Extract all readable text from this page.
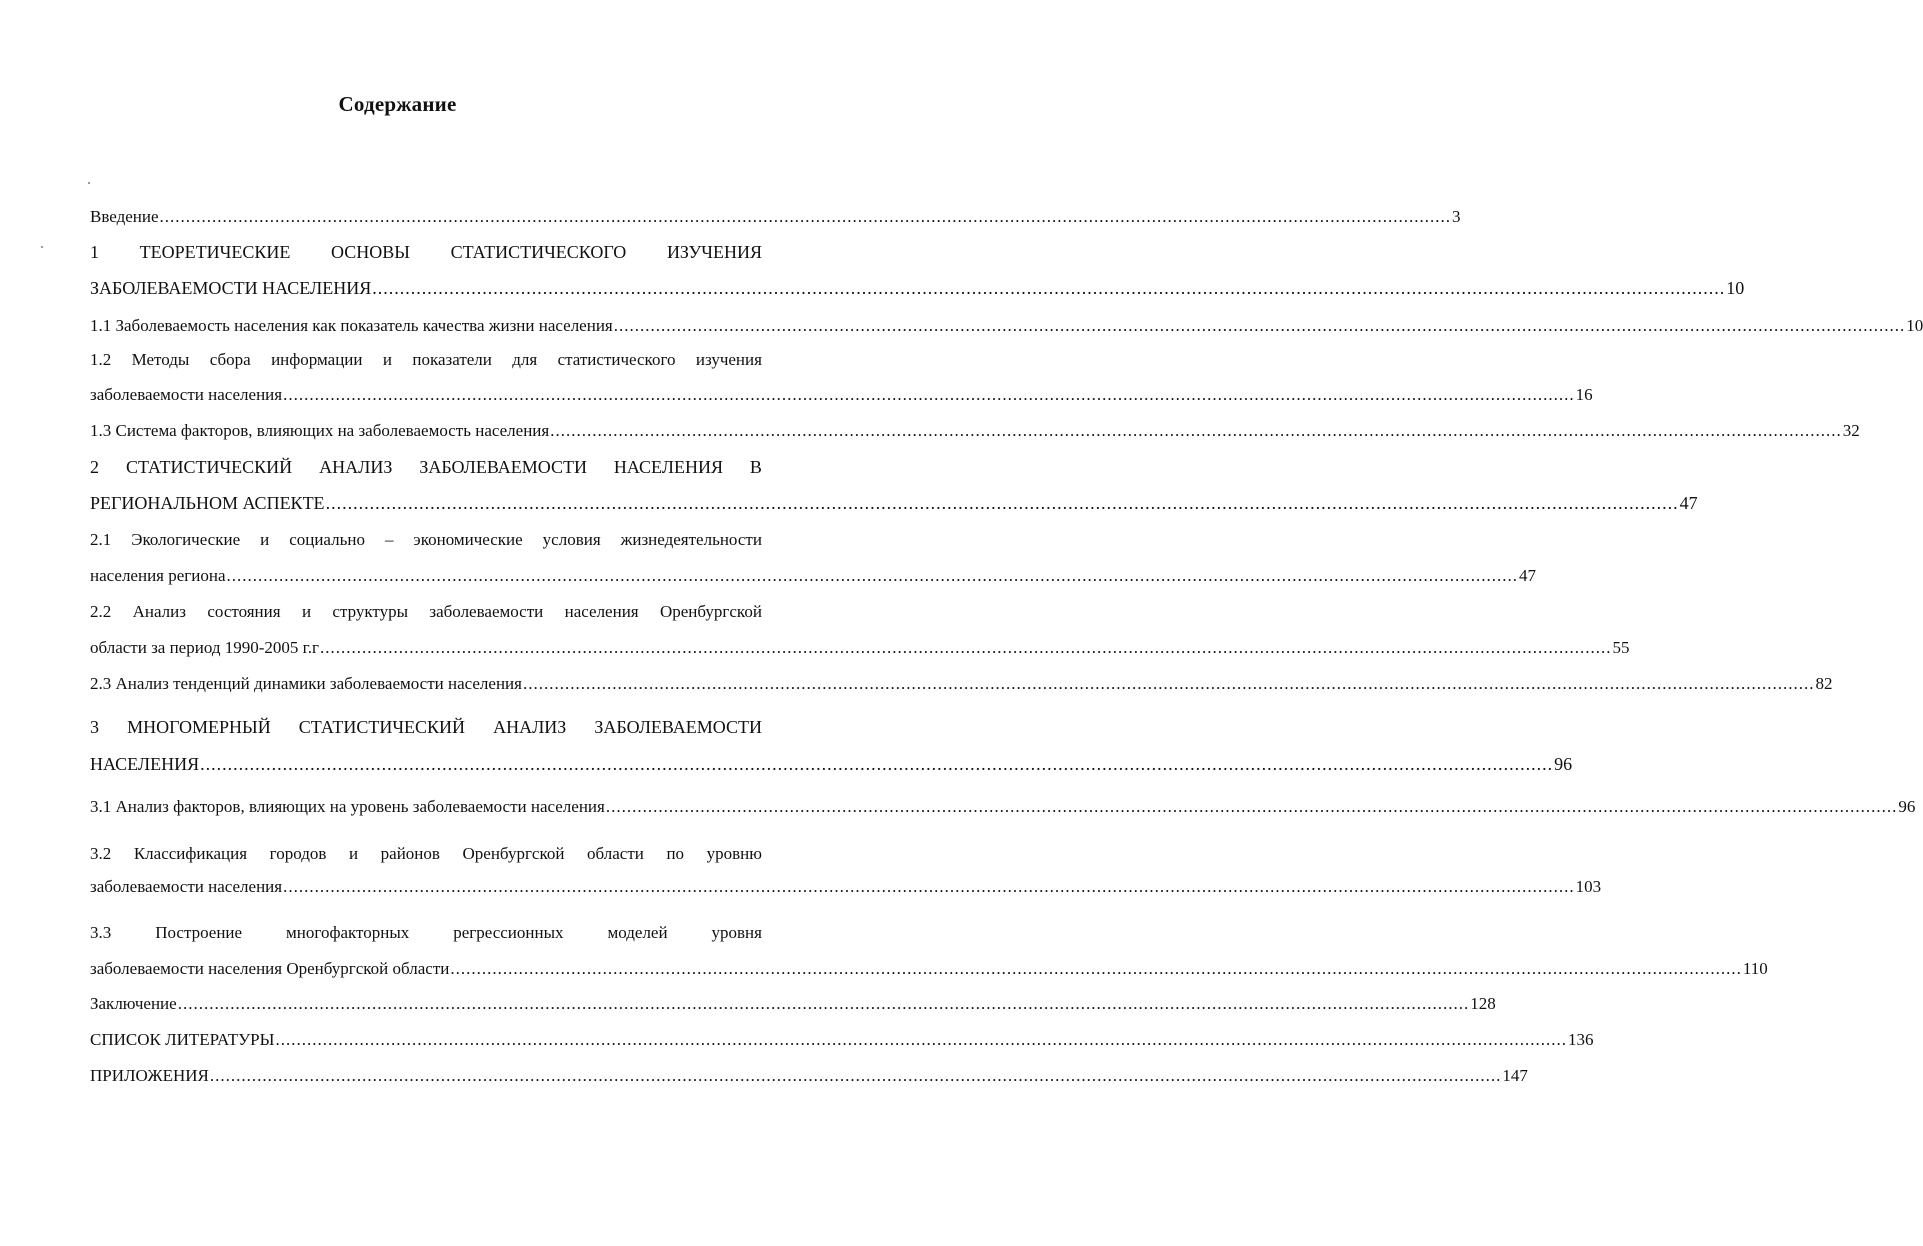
Содержание
Введение ...................................................................................................................................................................................................................................................... 3
1 ТЕОРЕТИЧЕСКИЕ ОСНОВЫ СТАТИСТИЧЕСКОГО ИЗУЧЕНИЯ
ЗАБОЛЕВАЕМОСТИ НАСЕЛЕНИЯ ...................................................................................................................................................................................................................................................... 10
1.1 Заболеваемость населения как показатель качества жизни населения ...................................................................................................................................................................................................................................................... 10
1.2 Методы сбора информации и показатели для статистического изучения
заболеваемости населения ...................................................................................................................................................................................................................................................... 16
1.3 Система факторов, влияющих на заболеваемость населения ...................................................................................................................................................................................................................................................... 32
2 СТАТИСТИЧЕСКИЙ АНАЛИЗ ЗАБОЛЕВАЕМОСТИ НАСЕЛЕНИЯ В
РЕГИОНАЛЬНОМ АСПЕКТЕ ...................................................................................................................................................................................................................................................... 47
2.1 Экологические и социально – экономические условия жизнедеятельности
населения региона ...................................................................................................................................................................................................................................................... 47
2.2 Анализ состояния и структуры заболеваемости населения Оренбургской
области за период 1990-2005 г.г ...................................................................................................................................................................................................................................................... 55
2.3 Анализ тенденций динамики заболеваемости населения ...................................................................................................................................................................................................................................................... 82
3 МНОГОМЕРНЫЙ СТАТИСТИЧЕСКИЙ АНАЛИЗ ЗАБОЛЕВАЕМОСТИ
НАСЕЛЕНИЯ ...................................................................................................................................................................................................................................................... 96
3.1 Анализ факторов, влияющих на уровень заболеваемости населения ...................................................................................................................................................................................................................................................... 96
3.2 Классификация городов и районов Оренбургской области по уровню
заболеваемости населения ...................................................................................................................................................................................................................................................... 103
3.3	Построение	многофакторных	регрессионных	моделей	уровня
заболеваемости населения Оренбургской области ...................................................................................................................................................................................................................................................... 110
Заключение ...................................................................................................................................................................................................................................................... 128
СПИСОК ЛИТЕРАТУРЫ ...................................................................................................................................................................................................................................................... 136
ПРИЛОЖЕНИЯ ...................................................................................................................................................................................................................................................... 147
